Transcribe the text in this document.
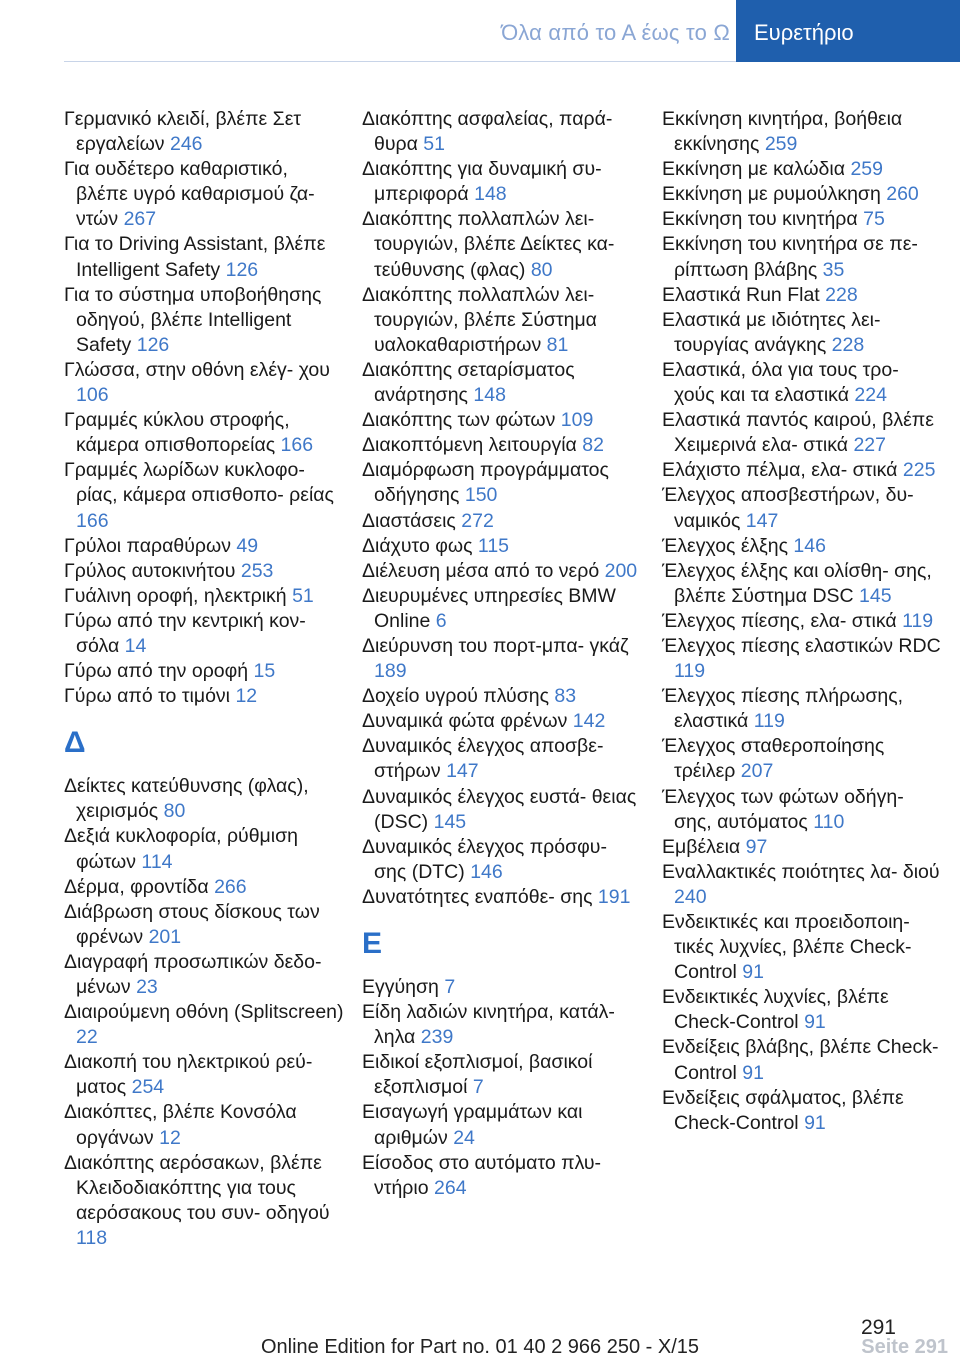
Όλα από το Α έως το Ω Ευρετήριο

Γερμανικό κλειδί, βλέπε Σετ εργαλείων 246

Για ουδέτερο καθαριστικό, βλέπε υγρό καθαρισμού ζα‐ ντών 267

Για το Driving Assistant, βλέπε Intelligent Safety 126

Για το σύστημα υποβοήθησης οδηγού, βλέπε Intelligent Safety 126

Γλώσσα, στην οθόνη ελέγ‐ χου 106

Γραμμές κύκλου στροφής, κάμερα οπισθοπορείας 166

Γραμμές λωρίδων κυκλοφο‐ ρίας, κάμερα οπισθοπο‐ ρείας 166

Γρύλοι παραθύρων 49

Γρύλος αυτοκινήτου 253

Γυάλινη οροφή, ηλεκτρική 51

Γύρω από την κεντρική κον‐ σόλα 14

Γύρω από την οροφή 15

Γύρω από το τιμόνι 12

Δ

Δείκτες κατεύθυνσης (φλας), χειρισμός 80

Δεξιά κυκλοφορία, ρύθμιση φώτων 114

Δέρμα, φροντίδα 266

Διάβρωση στους δίσκους των φρένων 201

Διαγραφή προσωπικών δεδο‐ μένων 23

Διαιρούμενη οθόνη (Splitscreen) 22

Διακοπή του ηλεκτρικού ρεύ‐ ματος 254

Διακόπτες, βλέπε Κονσόλα οργάνων 12

Διακόπτης αερόσακων, βλέπε Κλειδοδιακόπτης για τους αερόσακους του συν‐ οδηγού 118

Διακόπτης ασφαλείας, παρά‐ θυρα 51

Διακόπτης για δυναμική συ‐ μπεριφορά 148

Διακόπτης πολλαπλών λει‐ τουργιών, βλέπε Δείκτες κα‐ τεύθυνσης (φλας) 80

Διακόπτης πολλαπλών λει‐ τουργιών, βλέπε Σύστημα υαλοκαθαριστήρων 81

Διακόπτης σεταρίσματος ανάρτησης 148

Διακόπτης των φώτων 109

Διακοπτόμενη λειτουργία 82

Διαμόρφωση προγράμματος οδήγησης 150

Διαστάσεις 272

Διάχυτο φως 115

Διέλευση μέσα από το νερό 200

Διευρυμένες υπηρεσίες BMW Online 6

Διεύρυνση του πορτ-μπα‐ γκάζ 189

Δοχείο υγρού πλύσης 83

Δυναμικά φώτα φρένων 142

Δυναμικός έλεγχος αποσβε‐ στήρων 147

Δυναμικός έλεγχος ευστά‐ θειας (DSC) 145

Δυναμικός έλεγχος πρόσφυ‐ σης (DTC) 146

Δυνατότητες εναπόθε‐ σης 191

Ε

Εγγύηση 7

Είδη λαδιών κινητήρα, κατάλ‐ ληλα 239

Ειδικοί εξοπλισμοί, βασικοί εξοπλισμοί 7

Εισαγωγή γραμμάτων και αριθμών 24

Είσοδος στο αυτόματο πλυ‐ ντήριο 264

Εκκίνηση κινητήρα, βοήθεια εκκίνησης 259

Εκκίνηση με καλώδια 259

Εκκίνηση με ρυμούλκηση 260

Εκκίνηση του κινητήρα 75

Εκκίνηση του κινητήρα σε πε‐ ρίπτωση βλάβης 35

Ελαστικά Run Flat 228

Ελαστικά με ιδιότητες λει‐ τουργίας ανάγκης 228

Ελαστικά, όλα για τους τρο‐ χούς και τα ελαστικά 224

Ελαστικά παντός καιρού, βλέπε Χειμερινά ελα‐ στικά 227

Ελάχιστο πέλμα, ελα‐ στικά 225

Έλεγχος αποσβεστήρων, δυ‐ ναμικός 147

Έλεγχος έλξης 146

Έλεγχος έλξης και ολίσθη‐ σης, βλέπε Σύστημα DSC 145

Έλεγχος πίεσης, ελα‐ στικά 119

Έλεγχος πίεσης ελαστικών RDC 119

Έλεγχος πίεσης πλήρωσης, ελαστικά 119

Έλεγχος σταθεροποίησης τρέιλερ 207

Έλεγχος των φώτων οδήγη‐ σης, αυτόματος 110

Εμβέλεια 97

Εναλλακτικές ποιότητες λα‐ διού 240

Ενδεικτικές και προειδοποιη‐ τικές λυχνίες, βλέπε Check-Control 91

Ενδεικτικές λυχνίες, βλέπε Check-Control 91

Ενδείξεις βλάβης, βλέπε Check-Control 91

Ενδείξεις σφάλματος, βλέπε Check-Control 91

291
Online Edition for Part no. 01 40 2 966 250 - X/15	Seite 291
